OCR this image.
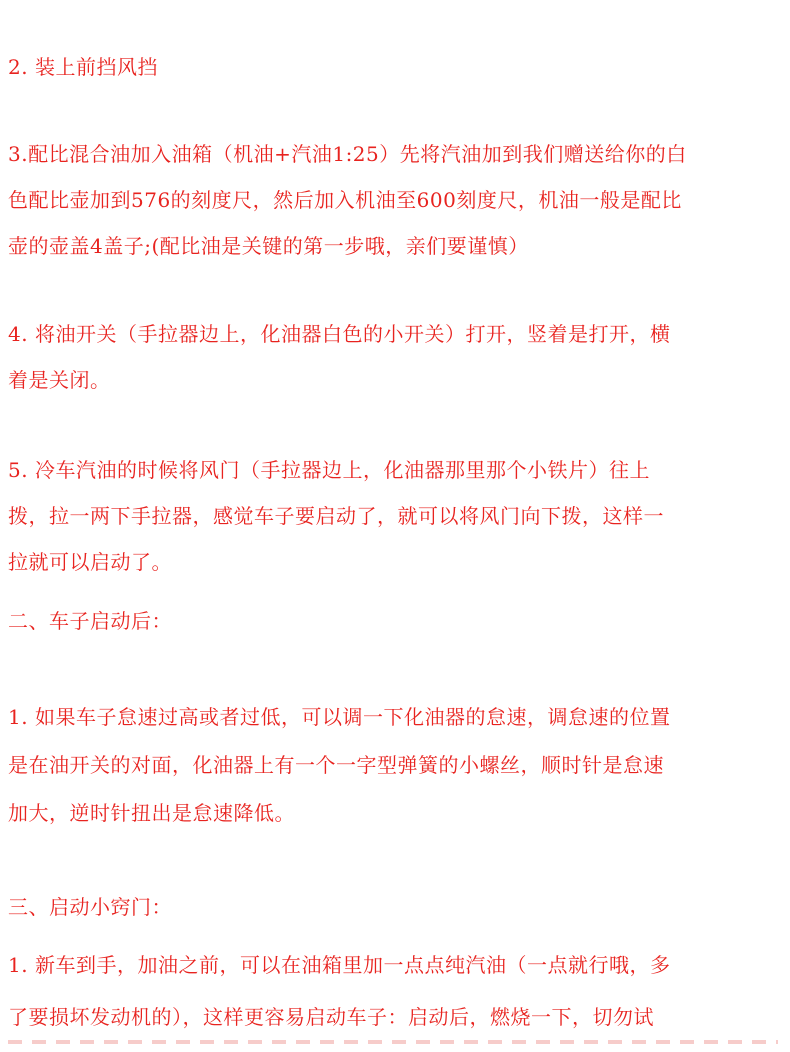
2. 装上前挡风挡
3.配比混合油加入油箱（机油+汽油1:25）先将汽油加到我们赠送给你的白
色配比壶加到576的刻度尺，然后加入机油至600刻度尺，机油一般是配比
壶的壶盖4盖子;(配比油是关键的第一步哦，亲们要谨慎）
4. 将油开关（手拉器边上，化油器白色的小开关）打开，竖着是打开，横
着是关闭。
5. 冷车汽油的时候将风门（手拉器边上，化油器那里那个小铁片）往上
拨，拉一两下手拉器，感觉车子要启动了，就可以将风门向下拨，这样一
拉就可以启动了。
二、车子启动后：
1. 如果车子怠速过高或者过低，可以调一下化油器的怠速，调怠速的位置
是在油开关的对面，化油器上有一个一字型弹簧的小螺丝，顺时针是怠速
加大，逆时针扭出是怠速降低。
三、启动小窍门：
1. 新车到手，加油之前，可以在油箱里加一点点纯汽油（一点就行哦，多
了要损坏发动机的），这样更容易启动车子：启动后，燃烧一下，切勿试
